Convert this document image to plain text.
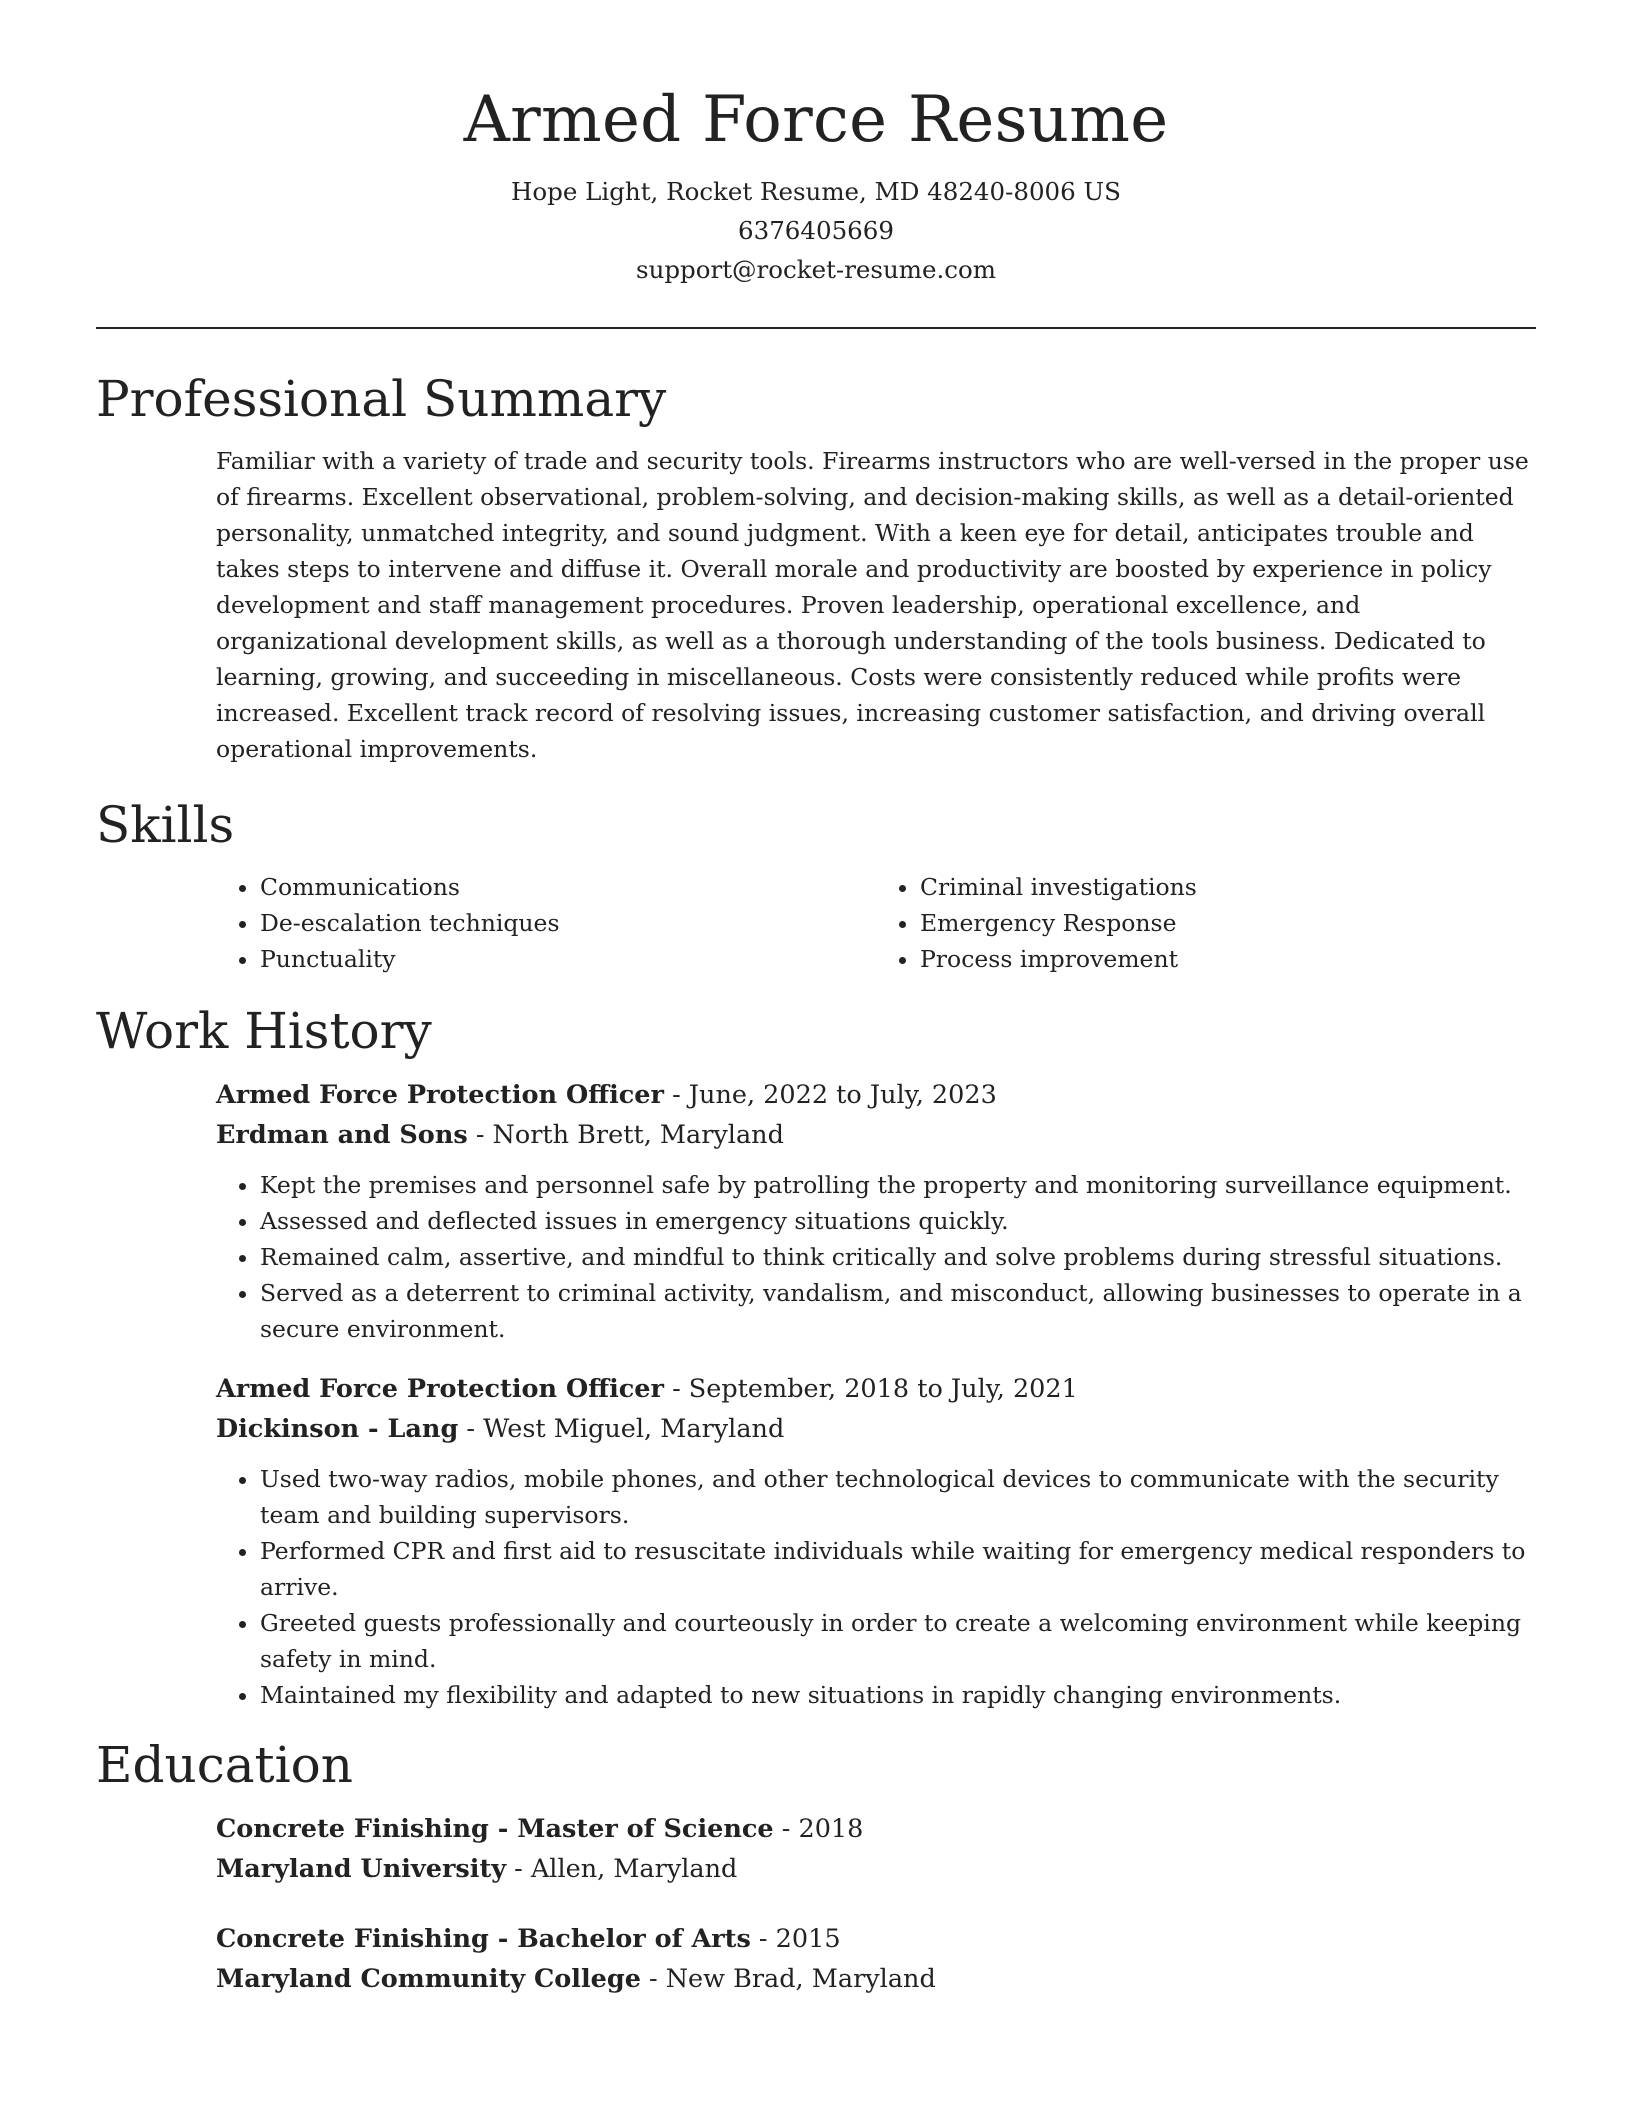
Armed Force Resume
Hope Light, Rocket Resume, MD 48240-8006 US
6376405669
support@rocket-resume.com
Professional Summary

Familiar with a variety of trade and security tools. Firearms instructors who are well-versed in the proper use of firearms. Excellent observational, problem-solving, and decision-making skills, as well as a detail-oriented personality, unmatched integrity, and sound judgment. With a keen eye for detail, anticipates trouble and takes steps to intervene and diffuse it. Overall morale and productivity are boosted by experience in policy development and staff management procedures. Proven leadership, operational excellence, and organizational development skills, as well as a thorough understanding of the tools business. Dedicated to learning, growing, and succeeding in miscellaneous. Costs were consistently reduced while profits were increased. Excellent track record of resolving issues, increasing customer satisfaction, and driving overall operational improvements.

Skills
• Communications
• De-escalation techniques
• Punctuality
• Criminal investigations
• Emergency Response
• Process improvement
Work History
Armed Force Protection Officer - June, 2022 to July, 2023
Erdman and Sons - North Brett, Maryland
• Kept the premises and personnel safe by patrolling the property and monitoring surveillance equipment.
• Assessed and deflected issues in emergency situations quickly.
• Remained calm, assertive, and mindful to think critically and solve problems during stressful situations.
• Served as a deterrent to criminal activity, vandalism, and misconduct, allowing businesses to operate in a secure environment.
Armed Force Protection Officer - September, 2018 to July, 2021
Dickinson - Lang - West Miguel, Maryland
• Used two-way radios, mobile phones, and other technological devices to communicate with the security team and building supervisors.
• Performed CPR and first aid to resuscitate individuals while waiting for emergency medical responders to arrive.
• Greeted guests professionally and courteously in order to create a welcoming environment while keeping safety in mind.
• Maintained my flexibility and adapted to new situations in rapidly changing environments.
Education
Concrete Finishing - Master of Science - 2018
Maryland University - Allen, Maryland
Concrete Finishing - Bachelor of Arts - 2015
Maryland Community College - New Brad, Maryland
